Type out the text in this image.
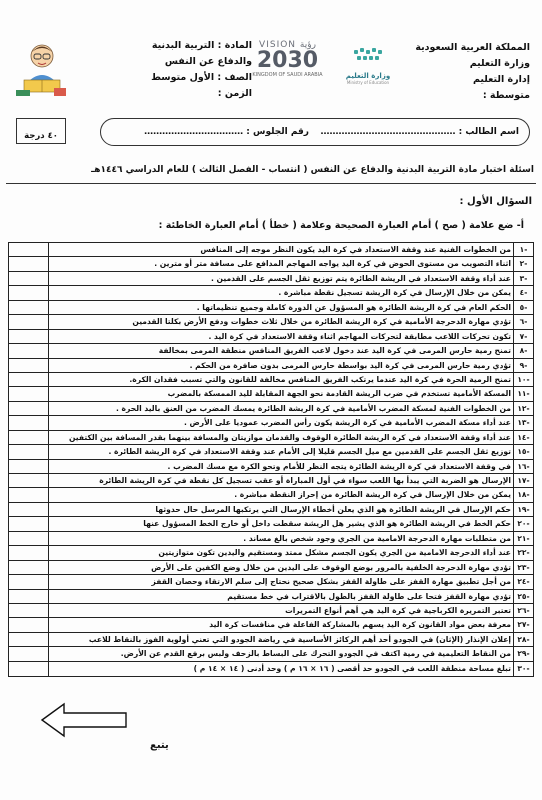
المملكة العربية السعودية
وزارة التعليم
إدارة التعليم
متوسطة :
وزارة التعليم
Ministry of Education
VISION رؤية
2030
KINGDOM OF SAUDI ARABIA
المادة : التربية البدنية والدفاع عن النفس
الصف : الأول متوسط
الزمن :
٤٠ درجة	اسم الطالب : ………………………………………
رقم الجلوس : ……………………………
اسئلة اختبار مادة التربية البدنية والدفاع عن النفس ( انتساب - الفصل الثالث ) للعام الدراسي ١٤٤٦هـ
السؤال الأول :
أ- ضع علامة ( صح ) أمام العبارة الصحيحة وعلامة ( خطأ ) أمام العبارة الخاطئة :
-١
من الخطوات الفنية عند وقفة الاستعداد في كرة اليد يكون النظر موجه إلى المنافس
-٢
اثناء التصويب من مستوى الحوض في كرة اليد يواجه المهاجم المدافع على مسافة متر أو مترين .
-٣
عند أداء وقفة الاستعداد في الريشة الطائرة يتم توزيع ثقل الجسم على القدمين .
-٤
يمكن من خلال الإرسال في كرة الريشة تسجيل نقطة مباشرة .
-٥
الحكم العام في كرة الريشة الطائرة هو المسؤول عن الدورة كاملة وجميع تنظيماتها .
-٦
تؤدي مهارة الدحرجة الأمامية في كرة الريشة الطائرة من خلال ثلاث خطوات ودفع الأرض بكلتا القدمين
-٧
تكون تحركات اللاعب مطابقة لتحركات المهاجم اثناء وقفة الاستعداد في كرة اليد .
-٨
تمنح رمية حارس المرمى في كرة اليد عند دخول لاعب الفريق المنافس منطقة المرمى بمخالفة
-٩
تؤدي رمية حارس المرمى في كرة اليد بواسطة حارس المرمى بدون صافرة من الحكم .
-١٠
تمنح الرمية الحرة في كرة اليد عندما يرتكب الفريق المنافس مخالفة للقانون والتي تسبب فقدان الكرة.
-١١
المسكة الأمامية تستخدم في ضرب الريشة القادمة نحو الجهة المقابلة لليد الممسكة بالمضرب
-١٢
من الخطوات الفنية لمسكة المضرب الأمامية في كرة الريشة الطائرة يمسك المضرب من العنق باليد الحرة .
-١٣
عند أداء مسكة المضرب الأمامية في كرة الريشة يكون رأس المضرب عموديا على الأرض .
-١٤
عند أداء وقفة الاستعداد في كرة الريشة الطائرة الوقوف والقدمان موازيتان والمسافة بينهما بقدر المسافة بين الكتفين
-١٥
توزيع ثقل الجسم على القدمين مع ميل الجسم قليلا إلى الأمام عند وقفة الاستعداد في كرة الريشة الطائرة .
-١٦
في وقفة الاستعداد في كرة الريشة الطائرة يتجه النظر للأمام وتحو الكرة مع مسك المضرب .
-١٧
الإرسال هو الضربة التي يبدأ بها اللعب سواء في أول المباراة أو عقب تسجيل كل نقطة في كرة الريشة الطائرة
-١٨
يمكن من خلال الإرسال في كرة الريشة الطائرة من إحراز النقطة مباشرة .
-١٩
حكم الإرسال في الريشة الطائرة هو الذي يعلن أخطاء الإرسال التي يرتكبها المرسل حال حدوثها
-٢٠
حكم الخط في الريشة الطائرة هو الذي يشير هل الريشة سقطت داخل أو خارج الخط المسؤول عنها
-٢١
من متطلبات مهارة الدحرجة الامامية من الجري وجود شخص بالغ مساند .
-٢٢
عند أداء الدحرجة الامامية من الجري يكون الجسم مشكل ممتد ومستقيم واليدين تكون متوازيتين
-٢٣
تؤدي مهارة الدحرجة الخلفية بالمرور بوضع الوقوف على اليدين من خلال وضع الكفين على الأرض
-٢٤
من أجل تطبيق مهارة القفز على طاولة القفز بشكل صحيح نحتاج إلى سلم الارتقاء وحصان القفز
-٢٥
تؤدي مهارة القفز فتحا على طاولة القفز بالطول بالاقتراب في خط مستقيم
-٢٦
تعتبر التمريرة الكرباجية في كرة اليد هي أهم أنواع التمريرات
-٢٧
معرفة بعض مواد القانون كرة اليد يسهم بالمشاركة الفاعلة في منافسات كرة اليد
-٢٨
إعلان الإنذار (الإثان) في الجودو أحد أهم الركائز الأساسية في رياضة الجودو التي تعني أولوية الفوز بالنقاط للاعب
-٢٩
من النقاط التعليمية في رمية اكتف في الجودو التحرك على البساط بالزحف ولبس برفع القدم عن الأرض.
-٣٠
تبلغ مساحة منطقة اللعب في الجودو حد أقصى ( ١٦ × ١٦ م ) وحد أدنى ( ١٤ × ١٤ م )
يتبع
